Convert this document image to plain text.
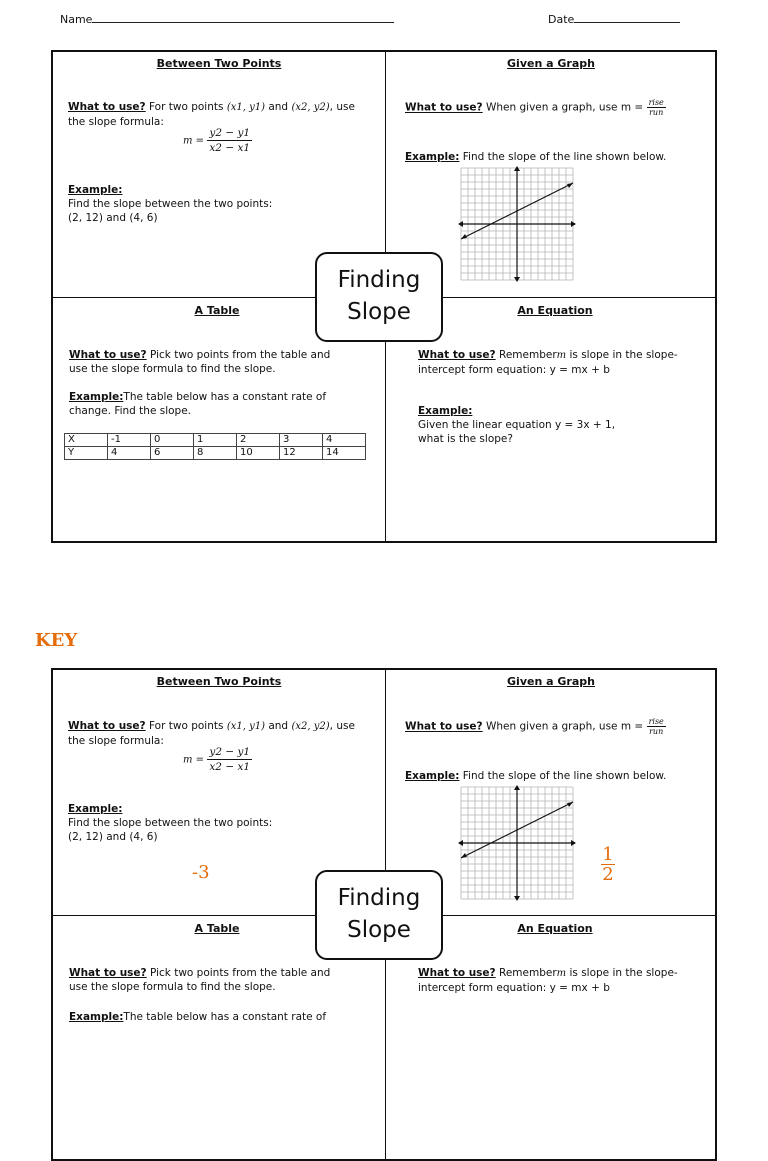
Name	Date
Between Two Points
What to use? For two points (x1, y1) and (x2, y2), use
the slope formula:
$m = \frac{y2 - y1}{x2 - x1}$
Example:
Find the slope between the two points:
(2, 12) and (4, 6)
Given a Graph
What to use? When given a graph, use $m = \frac{\text{rise}}{\text{run}}$
Example: Find the slope of the line shown below.
A Table
What to use? Pick two points from the table and
use the slope formula to find the slope.
Example:The table below has a constant rate of
change. Find the slope.
X	-1	0	1	2	3	4
Y	4	6	8	10	12	14
An Equation
What to use? Rememberm is slope in the slope-
intercept form equation: y = mx + b
Example:
Given the linear equation y = 3x + 1,
what is the slope?
Finding
Slope
KEY
Between Two Points
What to use? For two points (x1, y1) and (x2, y2), use
the slope formula:
$m = \frac{y2 - y1}{x2 - x1}$
Example:
Find the slope between the two points:
(2, 12) and (4, 6)
-3
Given a Graph
What to use? When given a graph, use $m = \frac{\text{rise}}{\text{run}}$
Example: Find the slope of the line shown below.
$\frac{1}{2}$
A Table
What to use? Pick two points from the table and
use the slope formula to find the slope.
Example:The table below has a constant rate of
An Equation
What to use? Rememberm is slope in the slope-
intercept form equation: y = mx + b
Finding
Slope
